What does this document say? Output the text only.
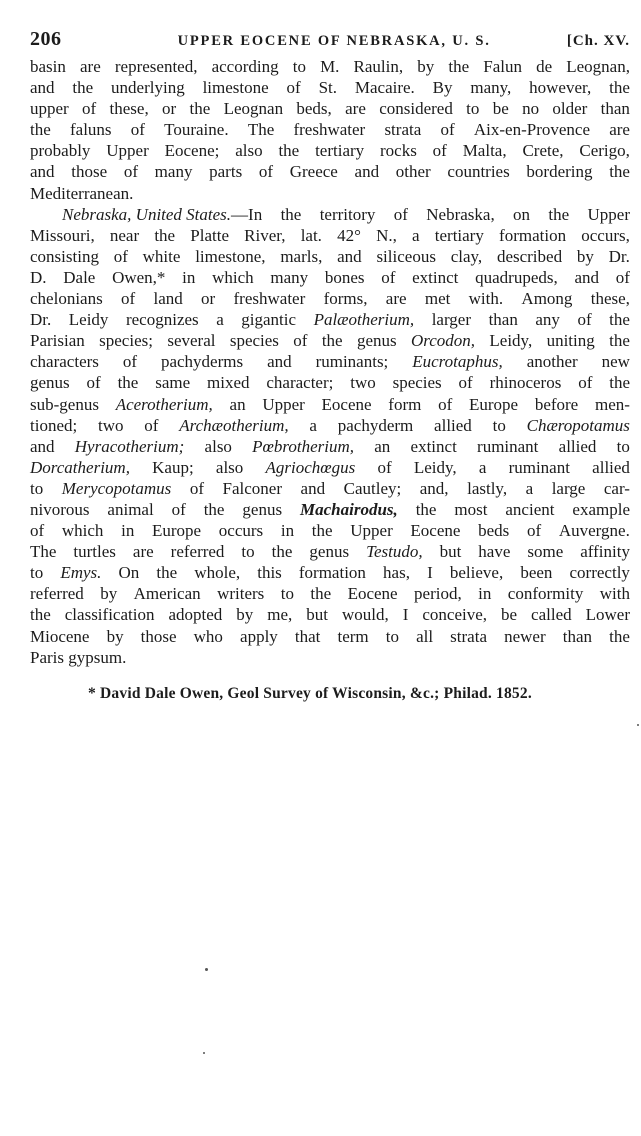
206	UPPER EOCENE OF NEBRASKA, U. S.	[Ch. XV.
basin are represented, according to M. Raulin, by the Falun de Leognan,
and the underlying limestone of St. Macaire. By many, however, the
upper of these, or the Leognan beds, are considered to be no older than
the faluns of Touraine. The freshwater strata of Aix-en-Provence are
probably Upper Eocene; also the tertiary rocks of Malta, Crete, Cerigo,
and those of many parts of Greece and other countries bordering the
Mediterranean.
Nebraska, United States.—In the territory of Nebraska, on the Upper
Missouri, near the Platte River, lat. 42° N., a tertiary formation occurs,
consisting of white limestone, marls, and siliceous clay, described by Dr.
D. Dale Owen,* in which many bones of extinct quadrupeds, and of
chelonians of land or freshwater forms, are met with. Among these,
Dr. Leidy recognizes a gigantic Palæotherium, larger than any of the
Parisian species; several species of the genus Orcodon, Leidy, uniting the
characters of pachyderms and ruminants; Eucrotaphus, another new
genus of the same mixed character; two species of rhinoceros of the
sub-genus Acerotherium, an Upper Eocene form of Europe before men-
tioned; two of Archæotherium, a pachyderm allied to Chæropotamus
and Hyracotherium; also Pœbrotherium, an extinct ruminant allied to
Dorcatherium, Kaup; also Agriochœgus of Leidy, a ruminant allied
to Merycopotamus of Falconer and Cautley; and, lastly, a large car-
nivorous animal of the genus Machairodus, the most ancient example
of which in Europe occurs in the Upper Eocene beds of Auvergne.
The turtles are referred to the genus Testudo, but have some affinity
to Emys. On the whole, this formation has, I believe, been correctly
referred by American writers to the Eocene period, in conformity with
the classification adopted by me, but would, I conceive, be called Lower
Miocene by those who apply that term to all strata newer than the
Paris
gypsum.
* David Dale Owen, Geol Survey of Wisconsin, &c.; Philad. 1852.
